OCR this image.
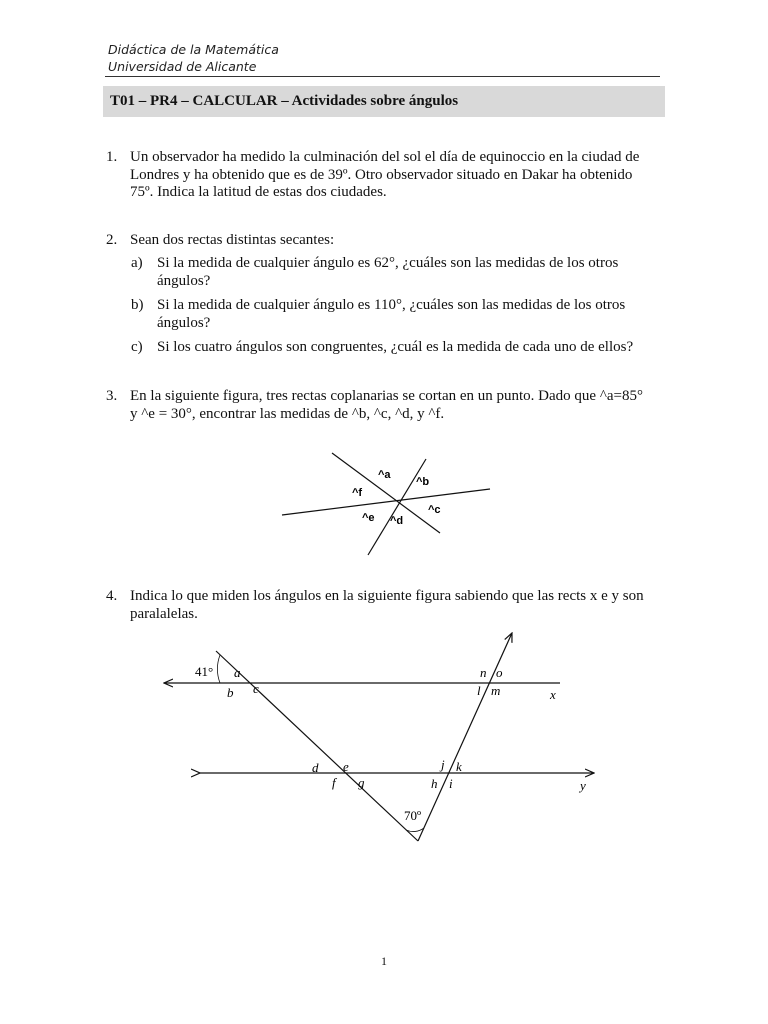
Didáctica de la Matemática
Universidad de Alicante
T01 – PR4 – CALCULAR – Actividades sobre ángulos
1. Un observador ha medido la culminación del sol el día de equinoccio en la ciudad de
Londres y ha obtenido que es de 39º. Otro observador situado en Dakar ha obtenido
75º. Indica la latitud de estas dos ciudades.
2. Sean dos rectas distintas secantes:
a) Si la medida de cualquier ángulo es 62°, ¿cuáles son las medidas de los otros
ángulos?
b) Si la medida de cualquier ángulo es 110°, ¿cuáles son las medidas de los otros
ángulos?
c) Si los cuatro ángulos son congruentes, ¿cuál es la medida de cada uno de ellos?
3. En la siguiente figura, tres rectas coplanarias se cortan en un punto. Dado que ^a=85°
y ^e = 30°, encontrar las medidas de ^b, ^c, ^d, y ^f.
^a
^b
^c
^d
^e
^f
4. Indica lo que miden los ángulos en la siguiente figura sabiendo que las rects x e y son
paralalelas.
41°
70º
a
b c
d e
f g	h i
j k
l m
n o
x
y
1
